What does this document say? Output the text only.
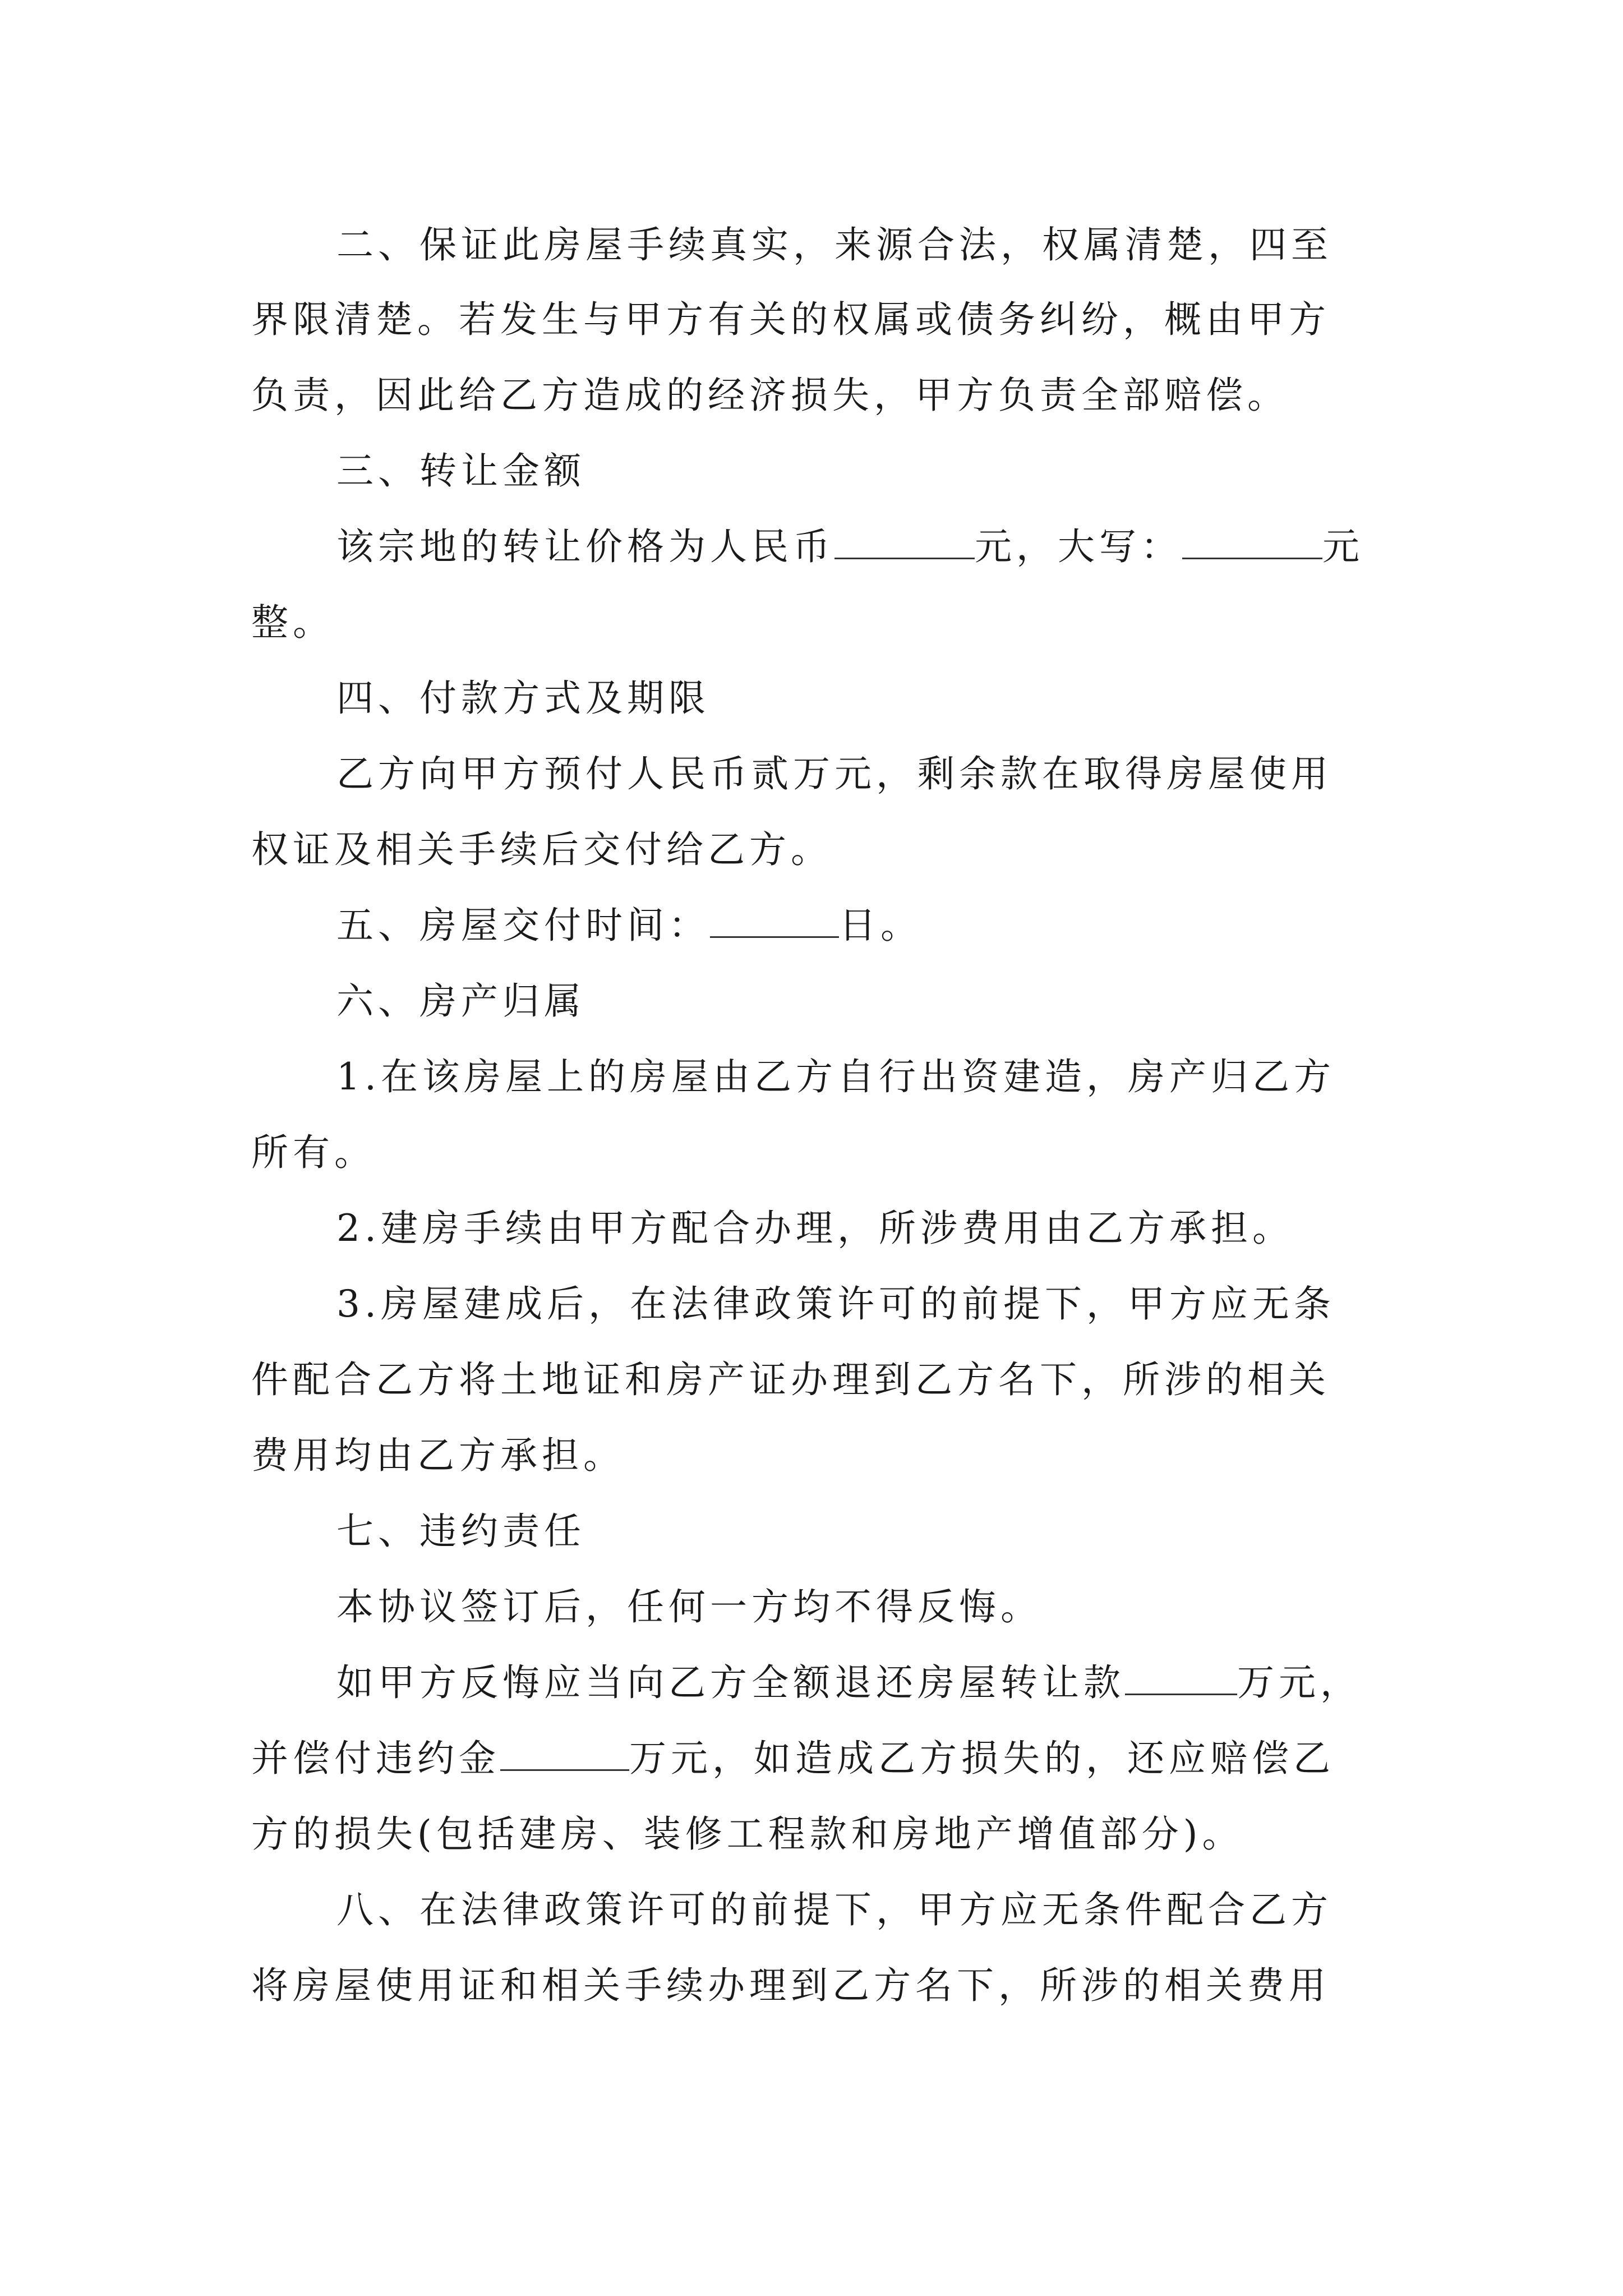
二、保证此房屋手续真实，来源合法，权属清楚，四至
界限清楚。若发生与甲方有关的权属或债务纠纷，概由甲方
负责，因此给乙方造成的经济损失，甲方负责全部赔偿。
三、转让金额
该宗地的转让价格为人民币	元，大写：	元
整。
四、付款方式及期限
乙方向甲方预付人民币贰万元，剩余款在取得房屋使用
权证及相关手续后交付给乙方。
五、房屋交付时间：	日。
六、房产归属
1.在该房屋上的房屋由乙方自行出资建造，房产归乙方
所有。
2.建房手续由甲方配合办理，所涉费用由乙方承担。
3.房屋建成后，在法律政策许可的前提下，甲方应无条
件配合乙方将土地证和房产证办理到乙方名下，所涉的相关
费用均由乙方承担。
七、违约责任
本协议签订后，任何一方均不得反悔。
如甲方反悔应当向乙方全额退还房屋转让款	万元，
并偿付违约金	万元，如造成乙方损失的，还应赔偿乙
方的损失(包括建房、装修工程款和房地产增值部分)。
八、在法律政策许可的前提下，甲方应无条件配合乙方
将房屋使用证和相关手续办理到乙方名下，所涉的相关费用
